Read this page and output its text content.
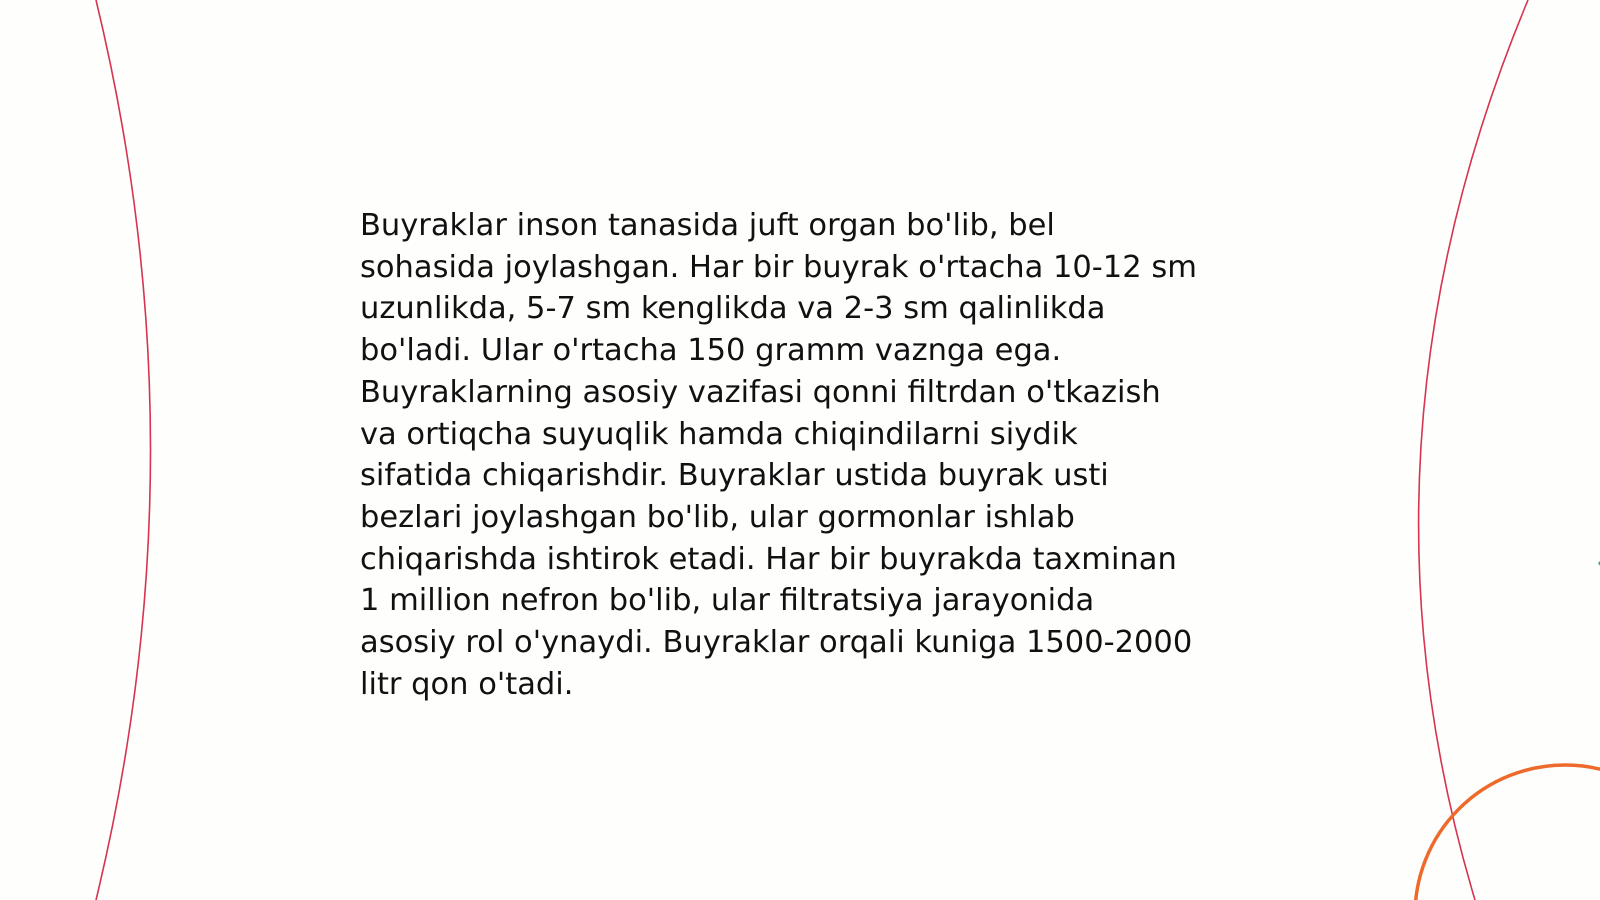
Buyraklar inson tanasida juft organ bo'lib, bel
sohasida joylashgan. Har bir buyrak o'rtacha 10-12 sm
uzunlikda, 5-7 sm kenglikda va 2-3 sm qalinlikda
bo'ladi. Ular o'rtacha 150 gramm vaznga ega.
Buyraklarning asosiy vazifasi qonni filtrdan o'tkazish
va ortiqcha suyuqlik hamda chiqindilarni siydik
sifatida chiqarishdir. Buyraklar ustida buyrak usti
bezlari joylashgan bo'lib, ular gormonlar ishlab
chiqarishda ishtirok etadi. Har bir buyrakda taxminan
1 million nefron bo'lib, ular filtratsiya jarayonida
asosiy rol o'ynaydi. Buyraklar orqali kuniga 1500-2000
litr qon o'tadi.
